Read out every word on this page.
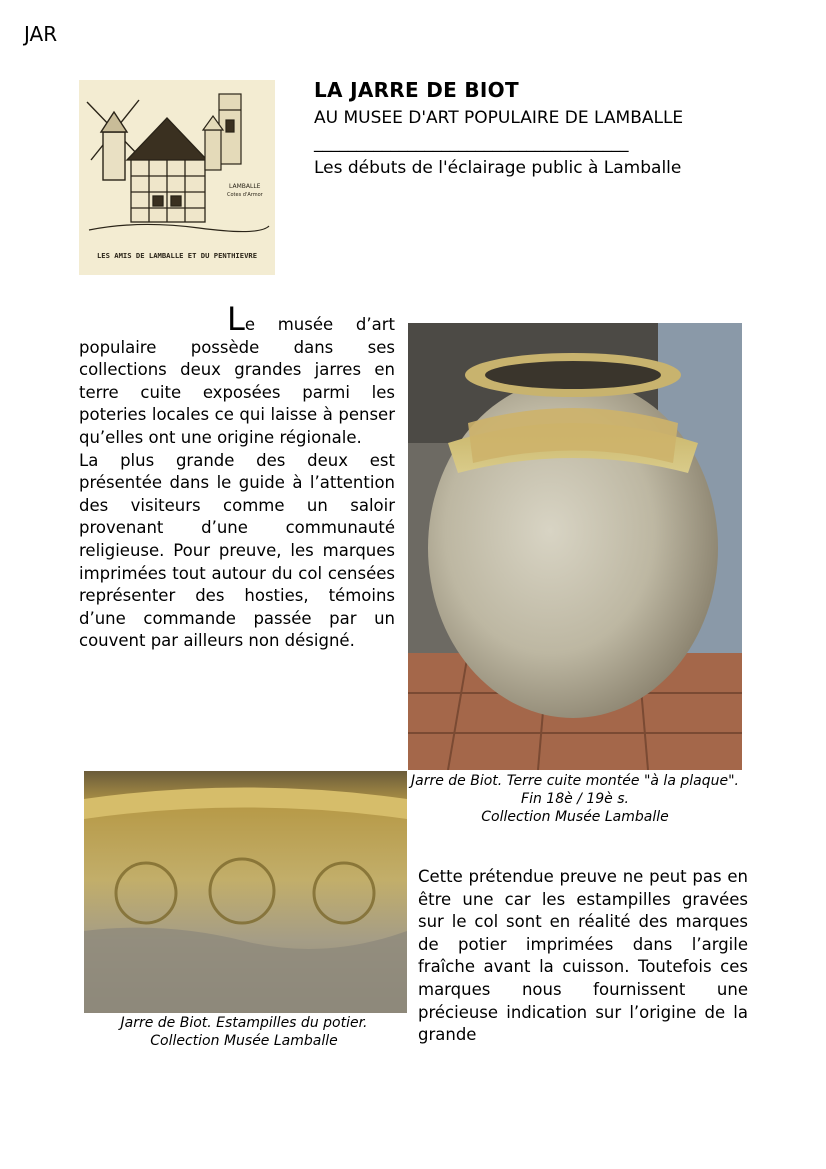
JAR
LAMBALLE
Cotes d'Armor
LES AMIS DE LAMBALLE ET DU PENTHIEVRE
LA JARRE DE BIOT
AU MUSEE D'ART POPULAIRE DE LAMBALLE
_____________________________________
Les débuts de l'éclairage public à Lamballe

Le musée d’art populaire possède dans ses collections deux grandes jarres en terre cuite exposées parmi les poteries locales ce qui laisse à penser qu’elles ont une origine régionale.

La plus grande des deux est présentée dans le guide à l’attention des visiteurs comme un saloir provenant d’une communauté religieuse. Pour preuve, les marques imprimées tout autour du col censées représenter des hosties, témoins d’une commande passée par un couvent par ailleurs non désigné.

Jarre de Biot. Terre cuite montée "à la plaque". Fin 18è / 19è s.
Collection Musée Lamballe
Jarre de Biot. Estampilles du potier.
Collection Musée Lamballe

Cette prétendue preuve ne peut pas en être une car les estampilles gravées sur le col sont en réalité des marques de potier imprimées dans l’argile fraîche avant la cuisson. Toutefois ces marques nous fournissent une précieuse indication sur l’origine de la grande
